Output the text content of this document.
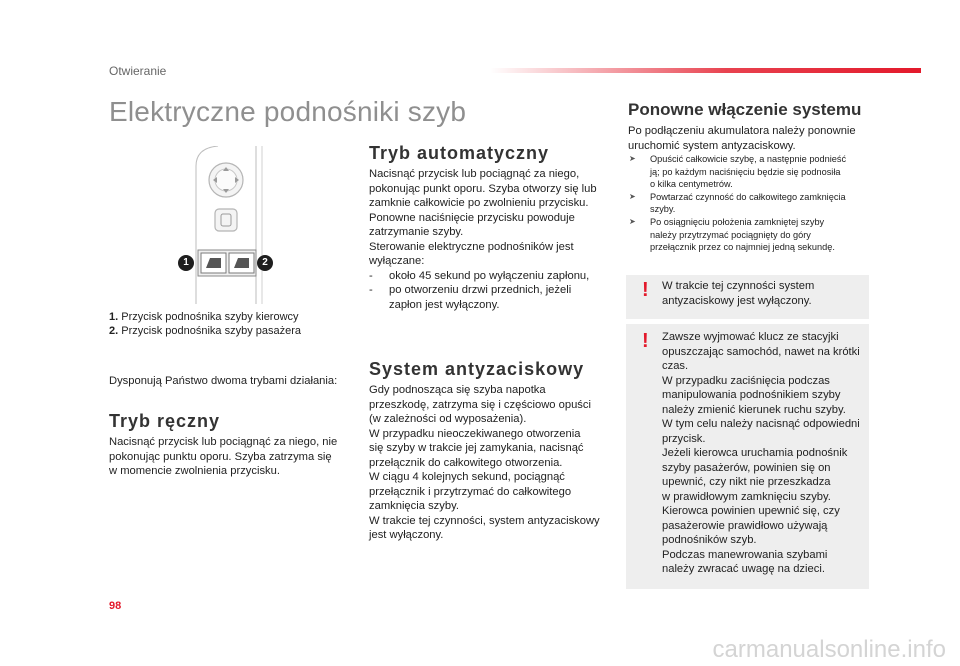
Otwieranie
Elektryczne podnośniki szyb
1	2
1. Przycisk podnośnika szyby kierowcy
2. Przycisk podnośnika szyby pasażera
Dysponują Państwo dwoma trybami działania:
Tryb ręczny
Nacisnąć przycisk lub pociągnąć za niego, nie
pokonując punktu oporu. Szyba zatrzyma się
w momencie zwolnienia przycisku.
Tryb automatyczny
Nacisnąć przycisk lub pociągnąć za niego,
pokonując punkt oporu. Szyba otworzy się lub
zamknie całkowicie po zwolnieniu przycisku.
Ponowne naciśnięcie przycisku powoduje
zatrzymanie szyby.
Sterowanie elektryczne podnośników jest
wyłączane:
- około 45 sekund po wyłączeniu zapłonu,
- po otworzeniu drzwi przednich, jeżeli zapłon jest wyłączony.
System antyzaciskowy
Gdy podnosząca się szyba napotka
przeszkodę, zatrzyma się i częściowo opuści
(w zależności od wyposażenia).
W przypadku nieoczekiwanego otworzenia
się szyby w trakcie jej zamykania, nacisnąć
przełącznik do całkowitego otworzenia.
W ciągu 4 kolejnych sekund, pociągnąć
przełącznik i przytrzymać do całkowitego
zamknięcia szyby.
W trakcie tej czynności, system antyzaciskowy
jest wyłączony.
Ponowne włączenie systemu
Po podłączeniu akumulatora należy ponownie
uruchomić system antyzaciskowy.
➤ Opuścić całkowicie szybę, a następnie podnieść
ją; po każdym naciśnięciu będzie się podnosiła
o kilka centymetrów.
➤ Powtarzać czynność do całkowitego zamknięcia
szyby.
➤ Po osiągnięciu położenia zamkniętej szyby
należy przytrzymać pociągnięty do góry
przełącznik przez co najmniej jedną sekundę.
! W trakcie tej czynności system
antyzaciskowy jest wyłączony.
! Zawsze wyjmować klucz ze stacyjki
opuszczając samochód, nawet na krótki
czas.
W przypadku zaciśnięcia podczas
manipulowania podnośnikiem szyby
należy zmienić kierunek ruchu szyby.
W tym celu należy nacisnąć odpowiedni
przycisk.
Jeżeli kierowca uruchamia podnośnik
szyby pasażerów, powinien się on
upewnić, czy nikt nie przeszkadza
w prawidłowym zamknięciu szyby.
Kierowca powinien upewnić się, czy
pasażerowie prawidłowo używają
podnośników szyb.
Podczas manewrowania szybami
należy zwracać uwagę na dzieci.
98
carmanualsonline.info
